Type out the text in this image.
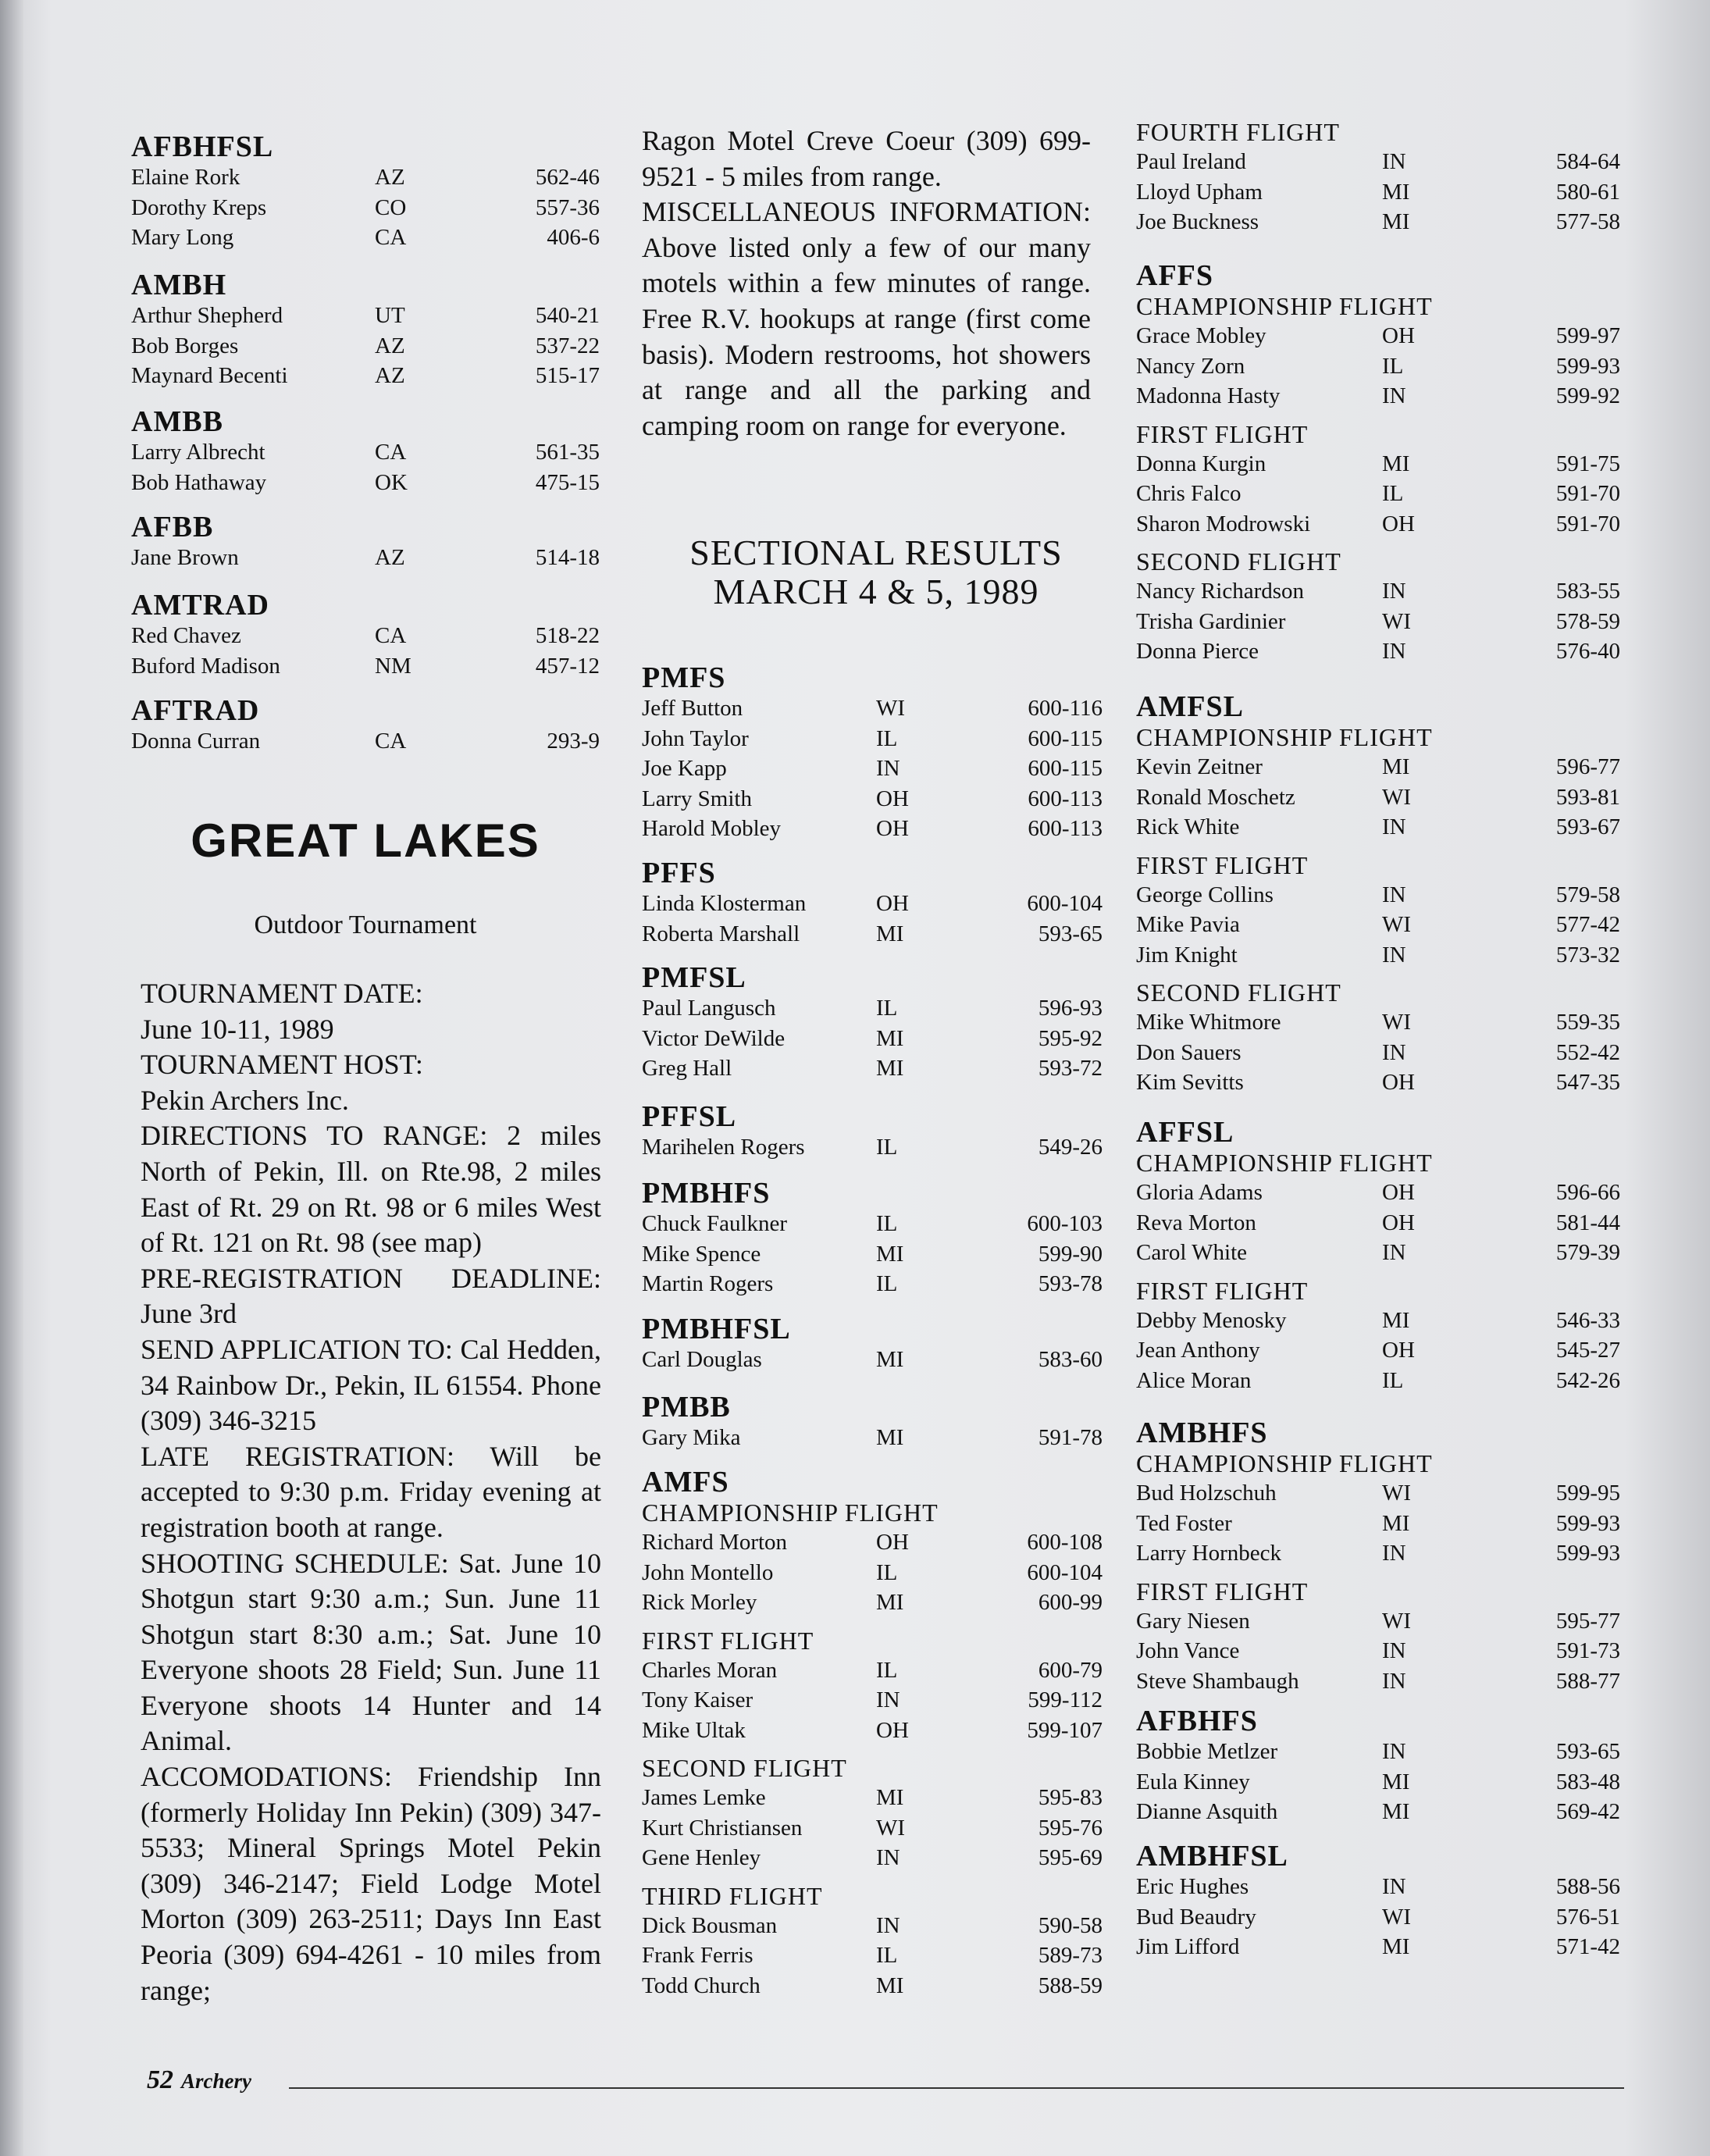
AFBHFSL
Elaine Rork	AZ	562-46
Dorothy Kreps	CO	557-36
Mary Long	CA	406-6
AMBH
Arthur Shepherd	UT	540-21
Bob Borges	AZ	537-22
Maynard Becenti	AZ	515-17
AMBB
Larry Albrecht	CA	561-35
Bob Hathaway	OK	475-15
AFBB
Jane Brown	AZ	514-18
AMTRAD
Red Chavez	CA	518-22
Buford Madison	NM	457-12
AFTRAD
Donna Curran	CA	293-9
GREAT LAKES
Outdoor Tournament

TOURNAMENT DATE:

June 10-11, 1989

TOURNAMENT HOST:

Pekin Archers Inc.

DIRECTIONS TO RANGE: 2 miles North of Pekin, Ill. on Rte.98, 2 miles East of Rt. 29 on Rt. 98 or 6 miles West of Rt. 121 on Rt. 98 (see map)

PRE-REGISTRATION DEADLINE: June 3rd

SEND APPLICATION TO: Cal Hedden, 34 Rainbow Dr., Pekin, IL 61554. Phone (309) 346-3215

LATE REGISTRATION: Will be accepted to 9:30 p.m. Friday evening at registration booth at range.

SHOOTING SCHEDULE: Sat. June 10 Shotgun start 9:30 a.m.; Sun. June 11 Shotgun start 8:30 a.m.; Sat. June 10 Everyone shoots 28 Field; Sun. June 11 Everyone shoots 14 Hunter and 14 Animal.

ACCOMODATIONS: Friendship Inn (formerly Holiday Inn Pekin) (309) 347-5533; Mineral Springs Motel Pekin (309) 346-2147; Field Lodge Motel Morton (309) 263-2511; Days Inn East Peoria (309) 694-4261 - 10 miles from range;

Ragon Motel Creve Coeur (309) 699-9521 - 5 miles from range.

MISCELLANEOUS INFORMATION: Above listed only a few of our many motels within a few minutes of range. Free R.V. hookups at range (first come basis). Modern restrooms, hot showers at range and all the parking and camping room on range for everyone.

SECTIONAL RESULTS
MARCH 4 & 5, 1989
PMFS
Jeff Button	WI	600-116
John Taylor	IL	600-115
Joe Kapp	IN	600-115
Larry Smith	OH	600-113
Harold Mobley	OH	600-113
PFFS
Linda Klosterman	OH	600-104
Roberta Marshall	MI	593-65
PMFSL
Paul Langusch	IL	596-93
Victor DeWilde	MI	595-92
Greg Hall	MI	593-72
PFFSL
Marihelen Rogers	IL	549-26
PMBHFS
Chuck Faulkner	IL	600-103
Mike Spence	MI	599-90
Martin Rogers	IL	593-78
PMBHFSL
Carl Douglas	MI	583-60
PMBB
Gary Mika	MI	591-78
AMFS
CHAMPIONSHIP FLIGHT
Richard Morton	OH	600-108
John Montello	IL	600-104
Rick Morley	MI	600-99
FIRST FLIGHT
Charles Moran	IL	600-79
Tony Kaiser	IN	599-112
Mike Ultak	OH	599-107
SECOND FLIGHT
James Lemke	MI	595-83
Kurt Christiansen	WI	595-76
Gene Henley	IN	595-69
THIRD FLIGHT
Dick Bousman	IN	590-58
Frank Ferris	IL	589-73
Todd Church	MI	588-59
FOURTH FLIGHT
Paul Ireland	IN	584-64
Lloyd Upham	MI	580-61
Joe Buckness	MI	577-58
AFFS
CHAMPIONSHIP FLIGHT
Grace Mobley	OH	599-97
Nancy Zorn	IL	599-93
Madonna Hasty	IN	599-92
FIRST FLIGHT
Donna Kurgin	MI	591-75
Chris Falco	IL	591-70
Sharon Modrowski	OH	591-70
SECOND FLIGHT
Nancy Richardson	IN	583-55
Trisha Gardinier	WI	578-59
Donna Pierce	IN	576-40
AMFSL
CHAMPIONSHIP FLIGHT
Kevin Zeitner	MI	596-77
Ronald Moschetz	WI	593-81
Rick White	IN	593-67
FIRST FLIGHT
George Collins	IN	579-58
Mike Pavia	WI	577-42
Jim Knight	IN	573-32
SECOND FLIGHT
Mike Whitmore	WI	559-35
Don Sauers	IN	552-42
Kim Sevitts	OH	547-35
AFFSL
CHAMPIONSHIP FLIGHT
Gloria Adams	OH	596-66
Reva Morton	OH	581-44
Carol White	IN	579-39
FIRST FLIGHT
Debby Menosky	MI	546-33
Jean Anthony	OH	545-27
Alice Moran	IL	542-26
AMBHFS
CHAMPIONSHIP FLIGHT
Bud Holzschuh	WI	599-95
Ted Foster	MI	599-93
Larry Hornbeck	IN	599-93
FIRST FLIGHT
Gary Niesen	WI	595-77
John Vance	IN	591-73
Steve Shambaugh	IN	588-77
AFBHFS
Bobbie Metlzer	IN	593-65
Eula Kinney	MI	583-48
Dianne Asquith	MI	569-42
AMBHFSL
Eric Hughes	IN	588-56
Bud Beaudry	WI	576-51
Jim Lifford	MI	571-42
52 Archery
